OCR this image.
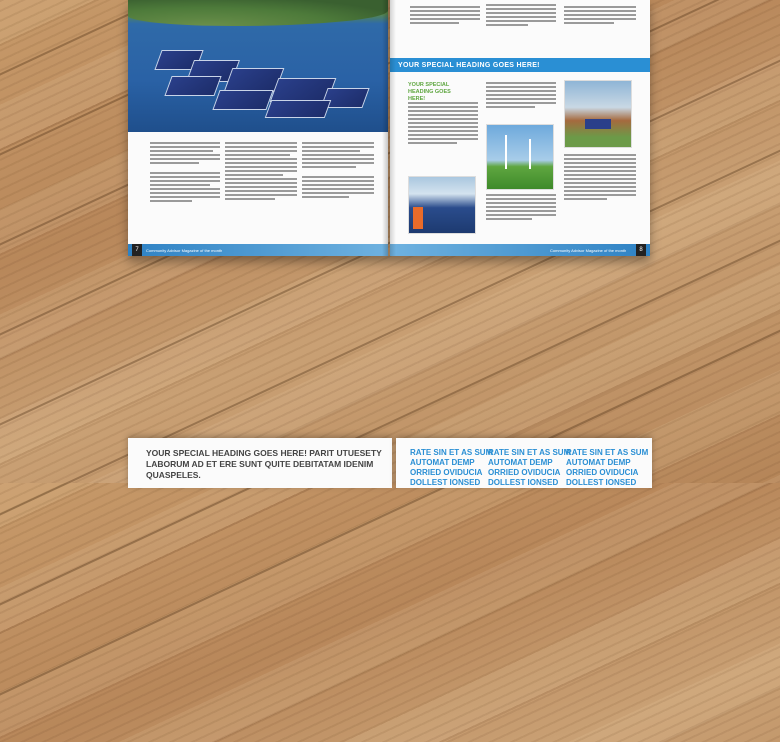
7	Community Advisor Magazine of the month
YOUR SPECIAL HEADING GOES HERE!
YOUR SPECIAL HEADING GOES HERE!
Community Advisor Magazine of the month	8
YOUR SPECIAL HEADING GOES HERE! PARIT UTUESETY LABORUM AD ET ERE SUNT QUITE DEBITATAM IDENIM QUASPELES.
RATE SIN ET AS SUM
AUTOMAT DEMP
ORRIED OVIDUCIA
DOLLEST IONSED
RATE SIN ET AS SUM
AUTOMAT DEMP
ORRIED OVIDUCIA
DOLLEST IONSED
RATE SIN ET AS SUM
AUTOMAT DEMP
ORRIED OVIDUCIA
DOLLEST IONSED
